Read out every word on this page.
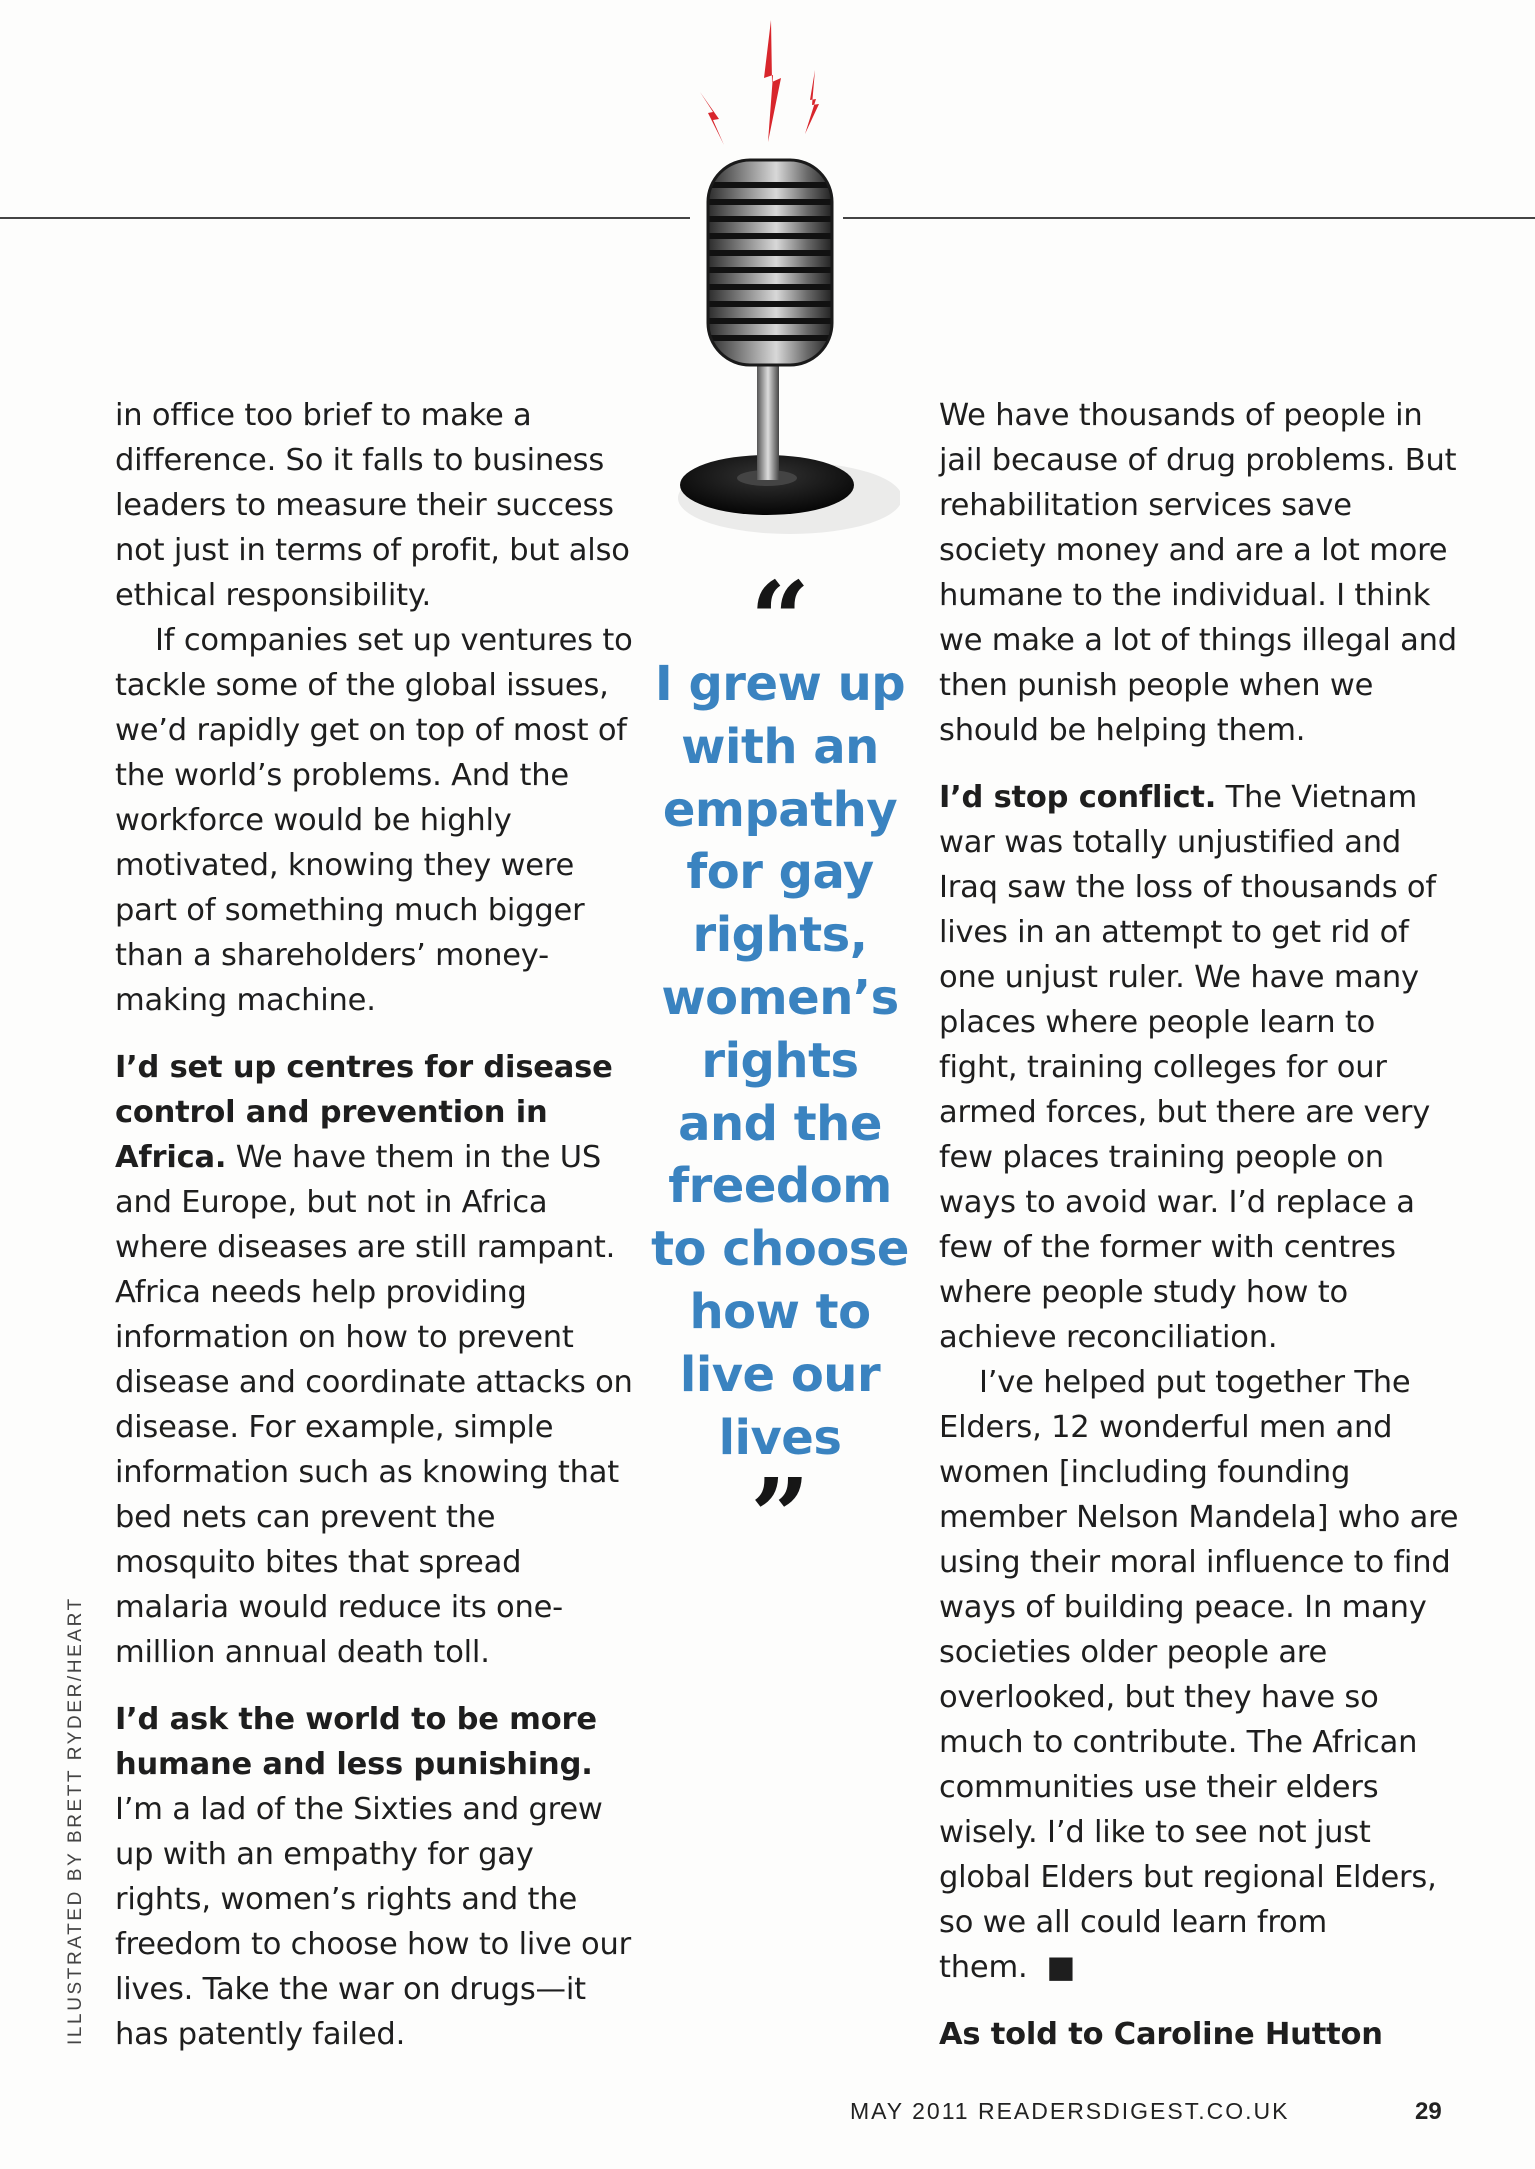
in office too brief to make a difference. So it falls to business leaders to measure their success not just in terms of profit, but also ethical responsibility.

If companies set up ventures to tackle some of the global issues, we’d rapidly get on top of most of the world’s problems. And the workforce would be highly motivated, knowing they were part of something much bigger than a shareholders’ money-making machine.

I’d set up centres for disease control and prevention in Africa. We have them in the US and Europe, but not in Africa where diseases are still rampant. Africa needs help providing information on how to prevent disease and coordinate attacks on disease. For example, simple information such as knowing that bed nets can prevent the mosquito bites that spread malaria would reduce its one-million annual death toll.

I’d ask the world to be more humane and less punishing. I’m a lad of the Sixties and grew up with an empathy for gay rights, women’s rights and the freedom to choose how to live our lives. Take the war on drugs—it has patently failed.

“
I grew up
with an
empathy
for gay
rights,
women’s
rights
and the
freedom
to choose
how to
live our
lives
”

We have thousands of people in jail because of drug problems. But rehabilitation services save society money and are a lot more humane to the individual. I think we make a lot of things illegal and then punish people when we should be helping them.

I’d stop conflict. The Vietnam war was totally unjustified and Iraq saw the loss of thousands of lives in an attempt to get rid of one unjust ruler. We have many places where people learn to fight, training colleges for our armed forces, but there are very few places training people on ways to avoid war. I’d replace a few of the former with centres where people study how to achieve reconciliation.

I’ve helped put together The Elders, 12 wonderful men and women [including founding member Nelson Mandela] who are using their moral influence to find ways of building peace. In many societies older people are overlooked, but they have so much to contribute. The African communities use their elders wisely. I’d like to see not just global Elders but regional Elders, so we all could learn from them. ■

As told to Caroline Hutton

ILLUSTRATED BY BRETT RYDER/HEART
MAY 2011 READERSDIGEST.CO.UK	29
